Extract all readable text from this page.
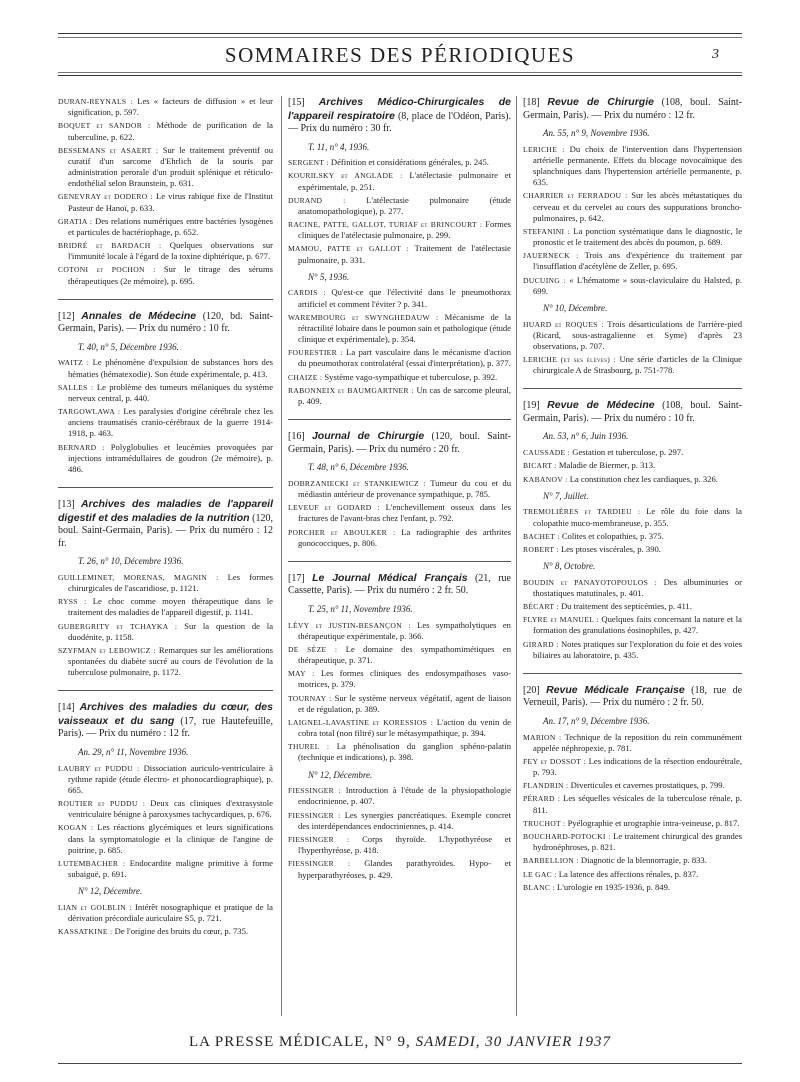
SOMMAIRES DES PÉRIODIQUES	3
DURAN-REYNALS : Les « facteurs de diffusion » et leur signification, p. 597.
BOQUET et SANDOR : Méthode de purification de la tuberculine, p. 622.
BESSEMANS et ASAERT : Sur le traitement préventif ou curatif d'un sarcome d'Ehrlich de la souris par administration perorale d'un produit splénique et réticulo-endothélial selon Braunstein, p. 631.
GENEVRAY et DODERO : Le virus rabique fixe de l'Institut Pasteur de Hanoï, p. 633.
GRATIA : Des relations numériques entre bactéries lysogènes et particules de bactériophage, p. 652.
BRIDRÉ et BARDACH : Quelques observations sur l'immunité locale à l'égard de la toxine diphtérique, p. 677.
COTONI et POCHON : Sur le titrage des sérums thérapeutiques (2e mémoire), p. 695.
[12] Annales de Médecine (120, bd. Saint-Germain, Paris). — Prix du numéro : 10 fr.
T. 40, n° 5, Décembre 1936.
WAITZ : Le phénomène d'expulsion de substances hors des hématies (hématexodie). Son étude expérimentale, p. 413.
SALLES : Le problème des tumeurs mélaniques du système nerveux central, p. 440.
TARGOWLAWA : Les paralysies d'origine cérébrale chez les anciens traumatisés cranio-cérébraux de la guerre 1914-1918, p. 463.
BERNARD : Polyglobulies et leucémies provoquées par injections intramédullaires de goudron (2e mémoire), p. 486.
[13] Archives des maladies de l'appareil digestif et des maladies de la nutrition (120, boul. Saint-Germain, Paris). — Prix du numéro : 12 fr.
T. 26, n° 10, Décembre 1936.
GUILLEMINET, MORENAS, MAGNIN : Les formes chirurgicales de l'ascaridiose, p. 1121.
RYSS : Le choc comme moyen thérapeutique dans le traitement des maladies de l'appareil digestif, p. 1141.
GUBERGRITY et TCHAYKA : Sur la question de la duodénite, p. 1158.
SZYFMAN et LEBOWICZ : Remarques sur les améliorations spontanées du diabète sucré au cours de l'évolution de la tuberculose pulmonaire, p. 1172.
[14] Archives des maladies du cœur, des vaisseaux et du sang (17, rue Hautefeuille, Paris). — Prix du numéro : 12 fr.
An. 29, n° 11, Novembre 1936.
LAUBRY et PUDDU : Dissociation auriculo-ventriculaire à rythme rapide (étude électro- et phonocardiographique), p. 665.
ROUTIER et PUDDU : Deux cas cliniques d'extrasystole ventriculaire bénigne à paroxysmes tachycardiques, p. 676.
KOGAN : Les réactions glycémiques et leurs significations dans la symptomatologie et la clinique de l'angine de poitrine, p. 685.
LUTEMBACHER : Endocardite maligne primitive à forme subaiguë, p. 691.
N° 12, Décembre.
LIAN et GOLBLIN : Intérêt nosographique et pratique de la dérivation précordiale auriculaire S5, p. 721.
KASSATKINE : De l'origine des bruits du cœur, p. 735.
[15] Archives Médico-Chirurgicales de l'appareil respiratoire (8, place de l'Odéon, Paris). — Prix du numéro : 30 fr.
T. 11, n° 4, 1936.
SERGENT : Définition et considérations générales, p. 245.
KOURILSKY et ANGLADE : L'atélectasie pulmonaire et expérimentale, p. 251.
DURAND : L'atélectasie pulmonaire (étude anatomopathologique), p. 277.
RACINE, PATTE, GALLOT, TURIAF et BRINCOURT : Formes cliniques de l'atélectasie pulmonaire, p. 299.
MAMOU, PATTE et GALLOT : Traitement de l'atélectasie pulmonaire, p. 331.
N° 5, 1936.
CARDIS : Qu'est-ce que l'électivité dans le pneumothorax artificiel et comment l'éviter ? p. 341.
WAREMBOURG et SWYNGHEDAUW : Mécanisme de la rétractilité lobaire dans le poumon sain et pathologique (étude clinique et expérimentale), p. 354.
FOURESTIER : La part vasculaire dans le mécanisme d'action du pneumothorax controlatéral (essai d'interprétation), p. 377.
CHAIZE : Système vago-sympathique et tuberculose, p. 392.
RABONNEIX et BAUMGARTNER : Un cas de sarcome pleural, p. 409.
[16] Journal de Chirurgie (120, boul. Saint-Germain, Paris). — Prix du numéro : 20 fr.
T. 48, n° 6, Décembre 1936.
DOBRZANIECKI et STANKIEWICZ : Tumeur du cou et du médiastin antérieur de provenance sympathique, p. 785.
LEVEUF et GODARD : L'enchevillement osseux dans les fractures de l'avant-bras chez l'enfant, p. 792.
PORCHER et ABOULKER : La radiographie des arthrites gonococciques, p. 806.
[17] Le Journal Médical Français (21, rue Cassette, Paris). — Prix du numéro : 2 fr. 50.
T. 25, n° 11, Novembre 1936.
LÉVY et JUSTIN-BESANÇON : Les sympatholytiques en thérapeutique expérimentale, p. 366.
DE SÈZE : Le domaine des sympathomimétiques en thérapeutique, p. 371.
MAY : Les formes cliniques des endosympathoses vaso-motrices, p. 379.
TOURNAY : Sur le système nerveux végétatif, agent de liaison et de régulation, p. 389.
LAIGNEL-LAVASTINE et KORESSIOS : L'action du venin de cobra total (non filtré) sur le métasympathique, p. 394.
THUREL : La phénolisation du ganglion sphéno-palatin (technique et indications), p. 398.
N° 12, Décembre.
FIESSINGER : Introduction à l'étude de la physiopathologie endocrinienne, p. 407.
FIESSINGER : Les synergies pancréatiques. Exemple concret des interdépendances endocriniennes, p. 414.
FIESSINGER : Corps thyroïde. L'hypothyréose et l'hyperthyréose, p. 418.
FIESSINGER : Glandes parathyroïdes. Hypo- et hyperparathyréoses, p. 429.
[18] Revue de Chirurgie (108, boul. Saint-Germain, Paris). — Prix du numéro : 12 fr.
An. 55, n° 9, Novembre 1936.
LERICHE : Du choix de l'intervention dans l'hypertension artérielle permanente. Effets du blocage novocaïnique des splanchniques dans l'hypertension artérielle permanente, p. 635.
CHARRIER et FERRADOU : Sur les abcès métastatiques du cerveau et du cervelet au cours des suppurations broncho-pulmonaires, p. 642.
STEFANINI : La ponction systématique dans le diagnostic, le pronostic et le traitement des abcès du poumon, p. 689.
JAUERNECK : Trois ans d'expérience du traitement par l'insufflation d'acétylène de Zeller, p. 695.
DUCUING : « L'hématome » sous-claviculaire du Halsted, p. 699.
N° 10, Décembre.
HUARD et ROQUES : Trois désarticulations de l'arrière-pied (Ricard, sous-astragalienne et Syme) d'après 23 observations, p. 707.
LERICHE (et ses élèves) : Une série d'articles de la Clinique chirurgicale A de Strasbourg, p. 751-778.
[19] Revue de Médecine (108, boul. Saint-Germain, Paris). — Prix du numéro : 10 fr.
An. 53, n° 6, Juin 1936.
CAUSSADE : Gestation et tuberculose, p. 297.
BICART : Maladie de Biermer, p. 313.
KABANOV : La constitution chez les cardiaques, p. 326.
N° 7, Juillet.
TREMOLIÈRES et TARDIEU : Le rôle du foie dans la colopathie muco-membraneuse, p. 355.
BACHET : Colites et colopathies, p. 375.
ROBERT : Les ptoses viscérales, p. 390.
N° 8, Octobre.
BOUDIN et PANAYOTOPOULOS : Des albuminuries or thostatiques matutinales, p. 401.
BÉCART : Du traitement des septicémies, p. 411.
FLYRE et MANUEL : Quelques faits concernant la nature et la formation des granulations éosinophiles, p. 427.
GIRARD : Notes pratiques sur l'exploration du foie et des voies biliaires au laboratoire, p. 435.
[20] Revue Médicale Française (18, rue de Verneuil, Paris). — Prix du numéro : 2 fr. 50.
An. 17, n° 9, Décembre 1936.
MARION : Technique de la reposition du rein communément appelée néphropexie, p. 781.
FEY et DOSSOT : Les indications de la résection endourétrale, p. 793.
FLANDRIN : Diverticules et cavernes prostatiques, p. 799.
PÉRARD : Les séquelles vésicales de la tuberculose rénale, p. 811.
TRUCHOT : Pyélographie et urographie intra-veineuse, p. 817.
BOUCHARD-POTOCKI : Le traitement chirurgical des grandes hydronéphroses, p. 821.
BARBELLION : Diagnotic de la blennorragie, p. 833.
LE GAC : La latence des affections rénales, p. 837.
BLANC : L'urologie en 1935-1936, p. 849.
LA PRESSE MÉDICALE, N° 9, SAMEDI, 30 JANVIER 1937
